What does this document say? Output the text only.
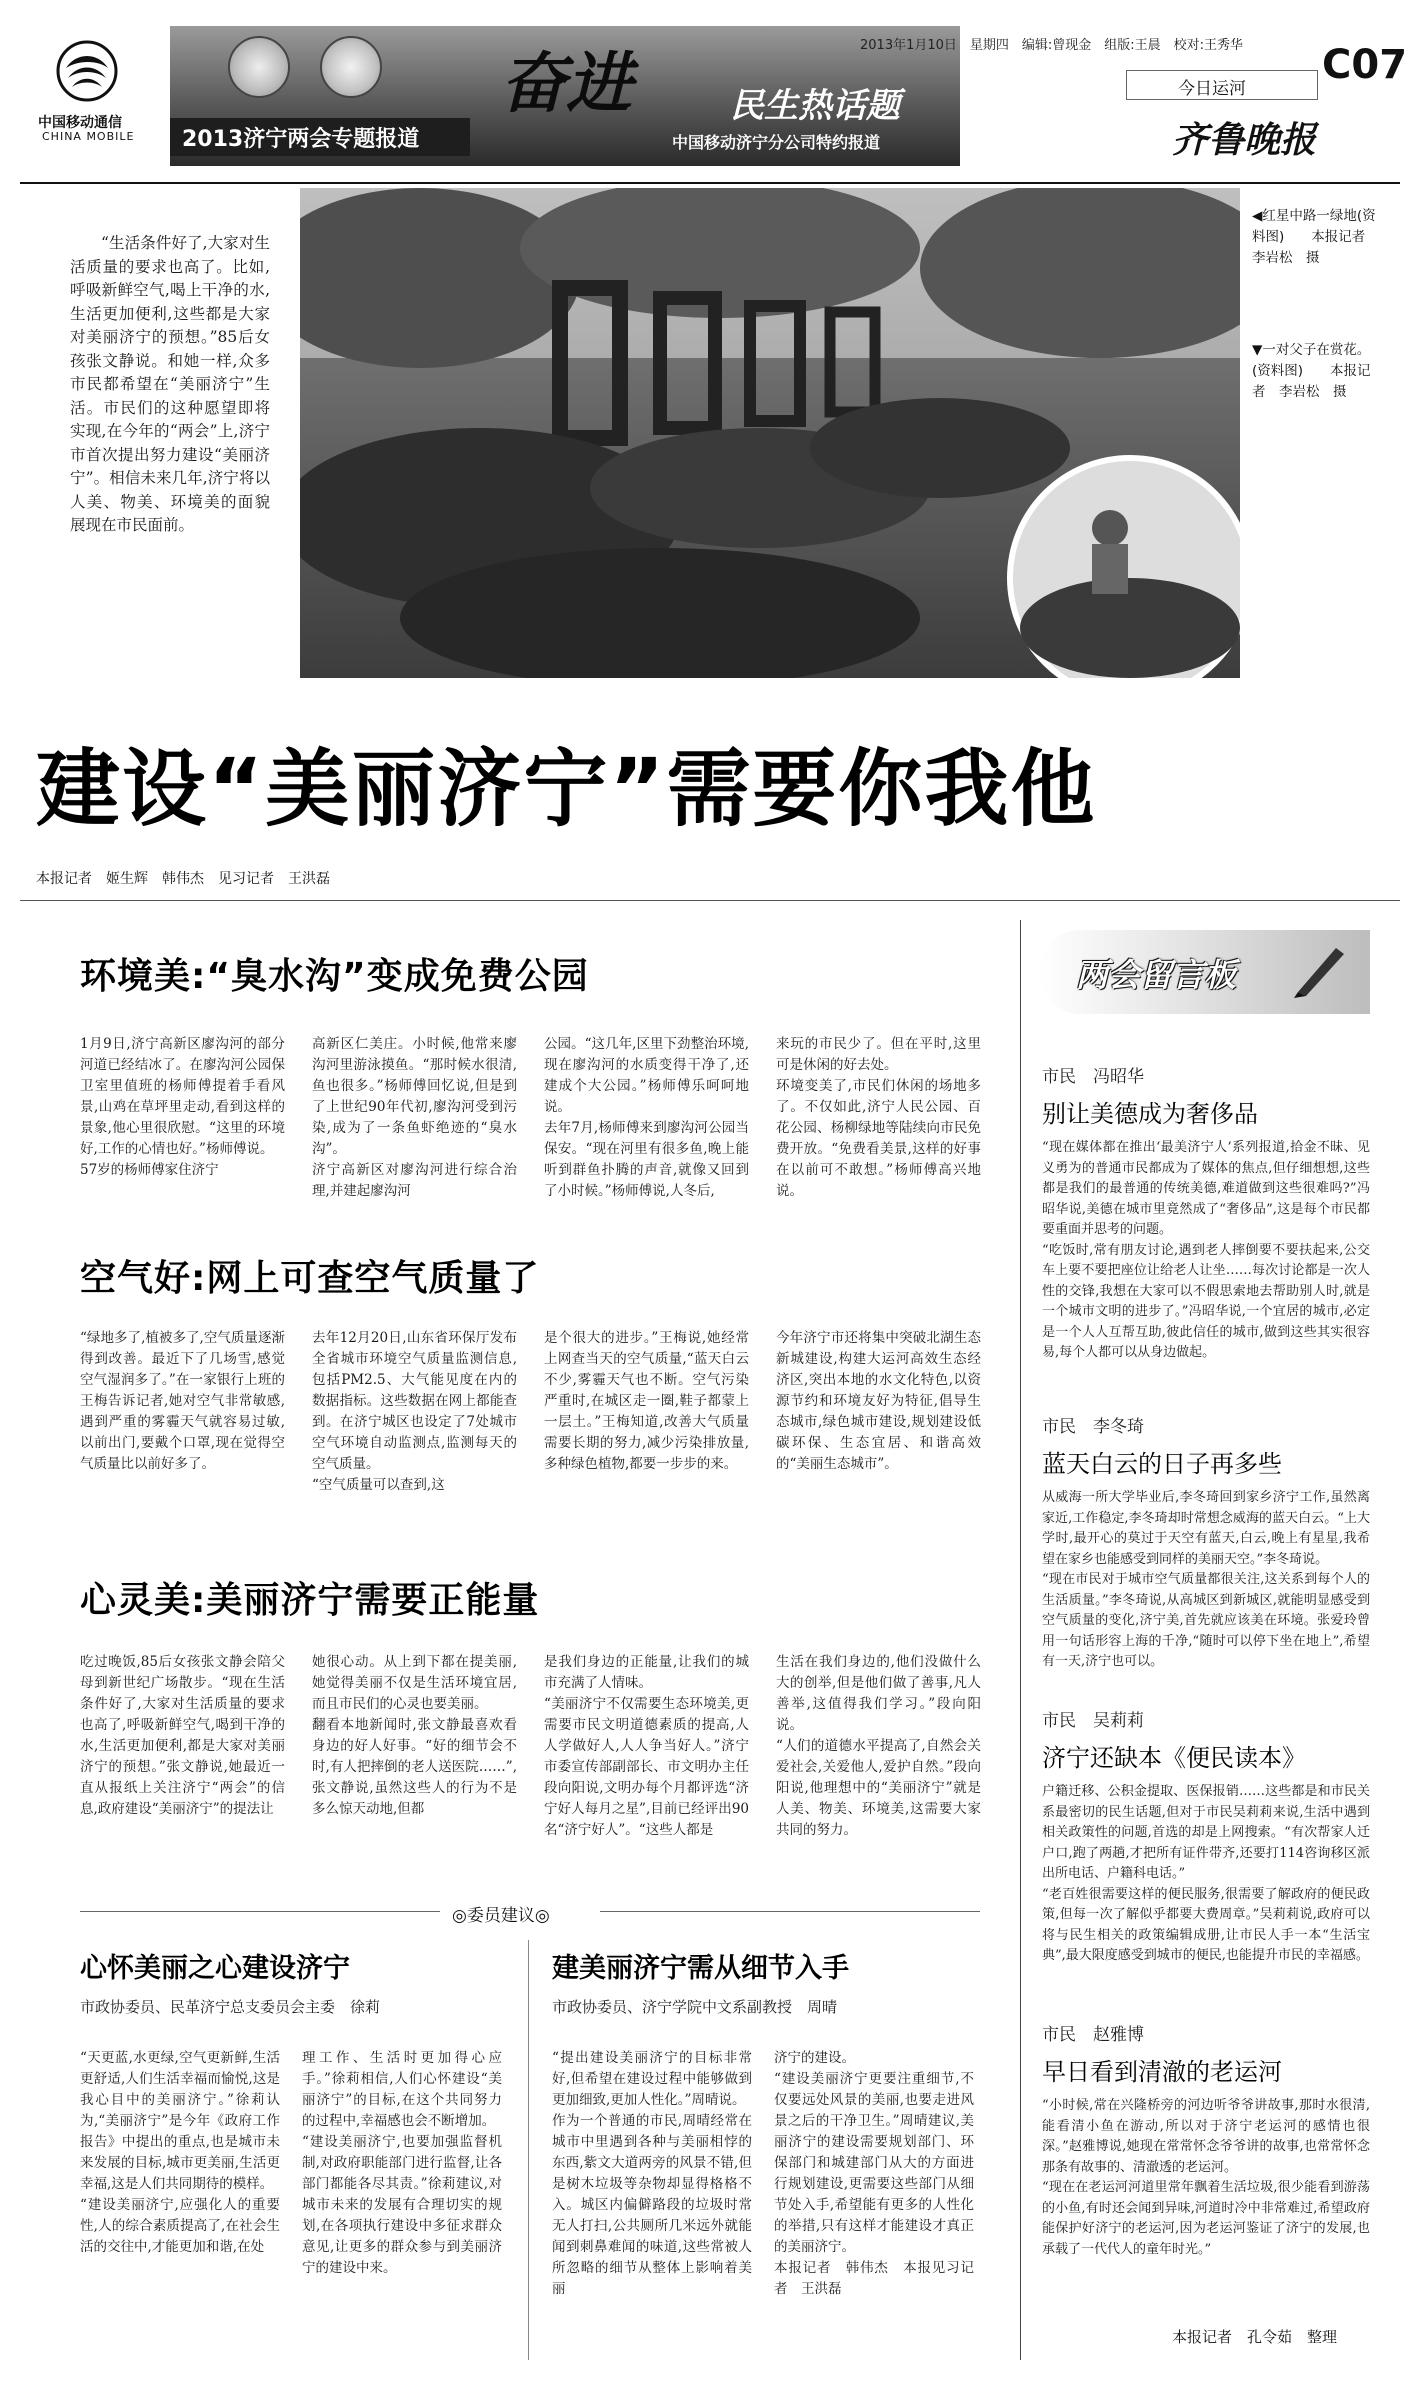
中国移动通信
CHINA MOBILE 2013济宁两会专题报道
奋进	民生热话题
中国移动济宁分公司特约报道
2013年1月10日　星期四　编辑:曾现金　组版:王晨　校对:王秀华
今日运河
C07
齐鲁晚报
“生活条件好了,大家对生活质量的要求也高了。比如,呼吸新鲜空气,喝上干净的水,生活更加便利,这些都是大家对美丽济宁的预想。”85后女孩张文静说。和她一样,众多市民都希望在“美丽济宁”生活。市民们的这种愿望即将实现,在今年的“两会”上,济宁市首次提出努力建设“美丽济宁”。相信未来几年,济宁将以人美、物美、环境美的面貌展现在市民面前。
◀红星中路一绿地(资料图)　　本报记者　李岩松　摄
▼一对父子在赏花。(资料图)　　本报记者　李岩松　摄
建设“美丽济宁”需要你我他
本报记者　姬生辉　韩伟杰　见习记者　王洪磊
环境美:“臭水沟”变成免费公园
1月9日,济宁高新区廖沟河的部分河道已经结冰了。在廖沟河公园保卫室里值班的杨师傅提着手看风景,山鸡在草坪里走动,看到这样的景象,他心里很欣慰。“这里的环境好,工作的心情也好。”杨师傅说。
57岁的杨师傅家住济宁
高新区仁美庄。小时候,他常来廖沟河里游泳摸鱼。“那时候水很清,鱼也很多。”杨师傅回忆说,但是到了上世纪90年代初,廖沟河受到污染,成为了一条鱼虾绝迹的“臭水沟”。
济宁高新区对廖沟河进行综合治理,并建起廖沟河
公园。“这几年,区里下劲整治环境,现在廖沟河的水质变得干净了,还建成个大公园。”杨师傅乐呵呵地说。
去年7月,杨师傅来到廖沟河公园当保安。“现在河里有很多鱼,晚上能听到群鱼扑腾的声音,就像又回到了小时候。”杨师傅说,人冬后,
来玩的市民少了。但在平时,这里可是休闲的好去处。
环境变美了,市民们休闲的场地多了。不仅如此,济宁人民公园、百花公园、杨柳绿地等陆续向市民免费开放。“免费看美景,这样的好事在以前可不敢想。”杨师傅高兴地说。
空气好:网上可查空气质量了
“绿地多了,植被多了,空气质量逐渐得到改善。最近下了几场雪,感觉空气湿润多了。”在一家银行上班的王梅告诉记者,她对空气非常敏感,遇到严重的雾霾天气就容易过敏,以前出门,要戴个口罩,现在觉得空气质量比以前好多了。
去年12月20日,山东省环保厅发布全省城市环境空气质量监测信息,包括PM2.5、大气能见度在内的数据指标。这些数据在网上都能查到。在济宁城区也设定了7处城市空气环境自动监测点,监测每天的空气质量。
“空气质量可以查到,这
是个很大的进步。”王梅说,她经常上网查当天的空气质量,“蓝天白云不少,雾霾天气也不断。空气污染严重时,在城区走一圈,鞋子都蒙上一层土。”王梅知道,改善大气质量需要长期的努力,减少污染排放量,多种绿色植物,都要一步步的来。
今年济宁市还将集中突破北湖生态新城建设,构建大运河高效生态经济区,突出本地的水文化特色,以资源节约和环境友好为特征,倡导生态城市,绿色城市建设,规划建设低碳环保、生态宜居、和谐高效的“美丽生态城市”。
心灵美:美丽济宁需要正能量
吃过晚饭,85后女孩张文静会陪父母到新世纪广场散步。“现在生活条件好了,大家对生活质量的要求也高了,呼吸新鲜空气,喝到干净的水,生活更加便利,都是大家对美丽济宁的预想。”张文静说,她最近一直从报纸上关注济宁“两会”的信息,政府建设“美丽济宁”的提法让
她很心动。从上到下都在提美丽,她觉得美丽不仅是生活环境宜居,而且市民们的心灵也要美丽。
翻看本地新闻时,张文静最喜欢看身边的好人好事。“好的细节会不时,有人把摔倒的老人送医院……”,张文静说,虽然这些人的行为不是多么惊天动地,但都
是我们身边的正能量,让我们的城市充满了人情味。
“美丽济宁不仅需要生态环境美,更需要市民文明道德素质的提高,人人学做好人,人人争当好人。”济宁市委宣传部副部长、市文明办主任段向阳说,文明办每个月都评选“济宁好人每月之星”,目前已经评出90名“济宁好人”。“这些人都是
生活在我们身边的,他们没做什么大的创举,但是他们做了善事,凡人善举,这值得我们学习。”段向阳说。
“人们的道德水平提高了,自然会关爱社会,关爱他人,爱护自然。”段向阳说,他理想中的“美丽济宁”就是人美、物美、环境美,这需要大家共同的努力。
◎委员建议◎
心怀美丽之心建设济宁
市政协委员、民革济宁总支委员会主委　徐莉
“天更蓝,水更绿,空气更新鲜,生活更舒适,人们生活幸福而愉悦,这是我心目中的美丽济宁。”徐莉认为,“美丽济宁”是今年《政府工作报告》中提出的重点,也是城市未来发展的目标,城市更美丽,生活更幸福,这是人们共同期待的模样。
“建设美丽济宁,应强化人的重要性,人的综合素质提高了,在社会生活的交往中,才能更加和谐,在处
理工作、生活时更加得心应手。”徐莉相信,人们心怀建设“美丽济宁”的目标,在这个共同努力的过程中,幸福感也会不断增加。
“建设美丽济宁,也要加强监督机制,对政府职能部门进行监督,让各部门都能各尽其责。”徐莉建议,对城市未来的发展有合理切实的规划,在各项执行建设中多征求群众意见,让更多的群众参与到美丽济宁的建设中来。
建美丽济宁需从细节入手
市政协委员、济宁学院中文系副教授　周晴
“提出建设美丽济宁的目标非常好,但希望在建设过程中能够做到更加细致,更加人性化。”周晴说。
作为一个普通的市民,周晴经常在城市中里遇到各种与美丽相悖的东西,紫文大道两旁的风景不错,但是树木垃圾等杂物却显得格格不入。城区内偏僻路段的垃圾时常无人打扫,公共厕所几米远外就能闻到刺鼻难闻的味道,这些常被人所忽略的细节从整体上影响着美丽
济宁的建设。
“建设美丽济宁更要注重细节,不仅要远处风景的美丽,也要走进风景之后的干净卫生。”周晴建议,美丽济宁的建设需要规划部门、环保部门和城建部门从大的方面进行规划建设,更需要这些部门从细节处入手,希望能有更多的人性化的举措,只有这样才能建设才真正的美丽济宁。
本报记者　韩伟杰　本报见习记者　王洪磊
两会留言板
市民　冯昭华
别让美德成为奢侈品
“现在媒体都在推出‘最美济宁人’系列报道,拾金不昧、见义勇为的普通市民都成为了媒体的焦点,但仔细想想,这些都是我们的最普通的传统美德,难道做到这些很难吗?”冯昭华说,美德在城市里竟然成了“奢侈品”,这是每个市民都要重面并思考的问题。
“吃饭时,常有朋友讨论,遇到老人摔倒要不要扶起来,公交车上要不要把座位让给老人让坐……每次讨论都是一次人性的交锋,我想在大家可以不假思索地去帮助别人时,就是一个城市文明的进步了。”冯昭华说,一个宜居的城市,必定是一个人人互帮互助,彼此信任的城市,做到这些其实很容易,每个人都可以从身边做起。
市民　李冬琦
蓝天白云的日子再多些
从威海一所大学毕业后,李冬琦回到家乡济宁工作,虽然离家近,工作稳定,李冬琦却时常想念威海的蓝天白云。“上大学时,最开心的莫过于天空有蓝天,白云,晚上有星星,我希望在家乡也能感受到同样的美丽天空。”李冬琦说。
“现在市民对于城市空气质量都很关注,这关系到每个人的生活质量。”李冬琦说,从高城区到新城区,就能明显感受到空气质量的变化,济宁美,首先就应该美在环境。张爱玲曾用一句话形容上海的千净,“随时可以停下坐在地上”,希望有一天,济宁也可以。
市民　吴莉莉
济宁还缺本《便民读本》
户籍迁移、公积金提取、医保报销……这些都是和市民关系最密切的民生话题,但对于市民吴莉莉来说,生活中遇到相关政策性的问题,首选的却是上网搜索。“有次帮家人迁户口,跑了两趟,才把所有证件带齐,还要打114咨询移区派出所电话、户籍科电话。”
“老百姓很需要这样的便民服务,很需要了解政府的便民政策,但每一次了解似乎都要大费周章。”吴莉莉说,政府可以将与民生相关的政策编辑成册,让市民人手一本“生活宝典”,最大限度感受到城市的便民,也能提升市民的幸福感。
市民　赵雅博
早日看到清澈的老运河
“小时候,常在兴隆桥旁的河边听爷爷讲故事,那时水很清,能看清小鱼在游动,所以对于济宁老运河的感情也很深。”赵雅博说,她现在常常怀念爷爷讲的故事,也常常怀念那条有故事的、清澈透的老运河。
“现在在老运河河道里常年飘着生活垃圾,很少能看到游荡的小鱼,有时还会闻到异味,河道时冷中非常难过,希望政府能保护好济宁的老运河,因为老运河鉴证了济宁的发展,也承载了一代代人的童年时光。”
本报记者　孔令茹　整理
